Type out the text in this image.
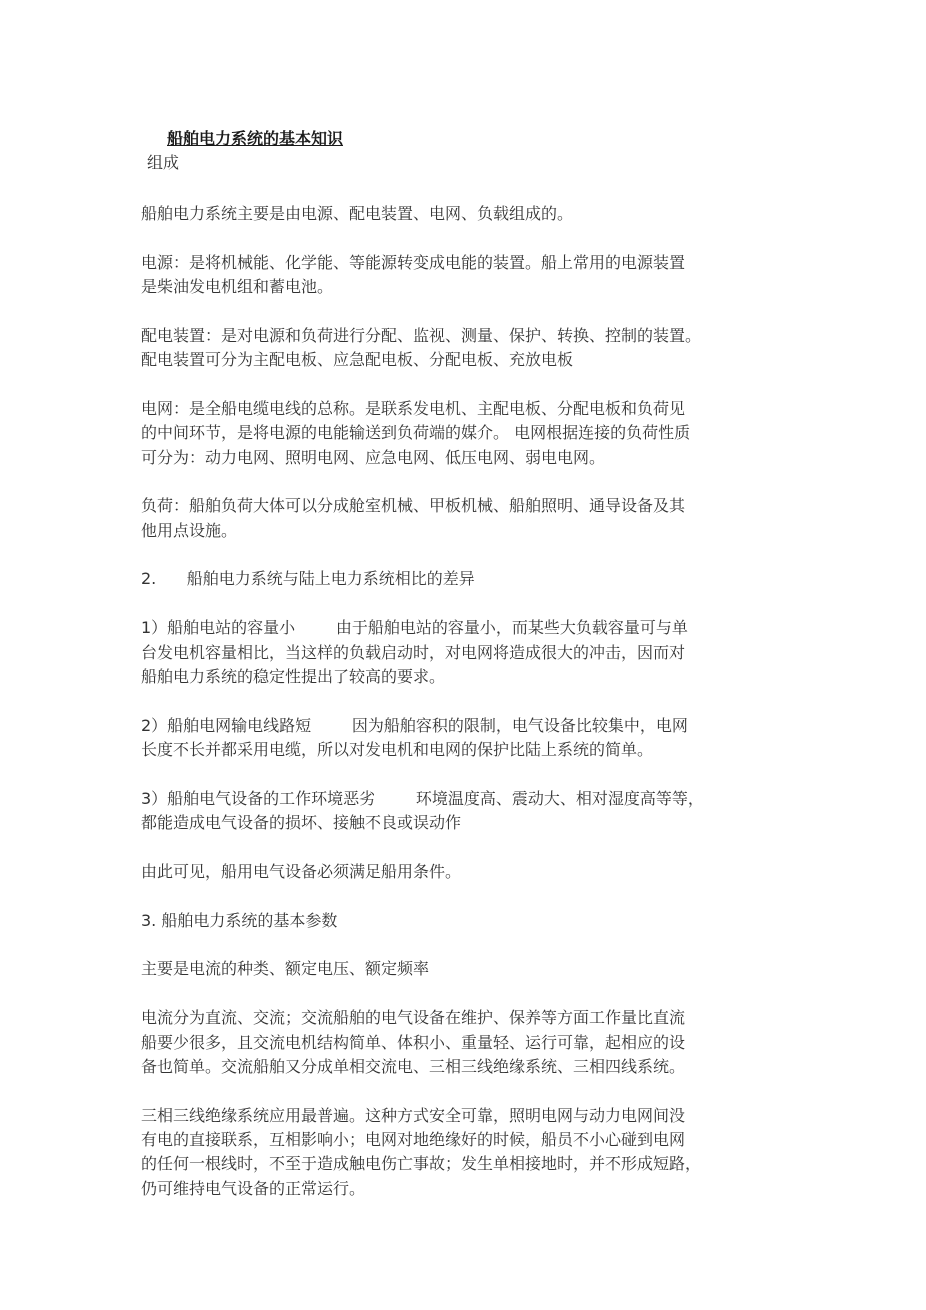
船舶电力系统的基本知识
组成

船舶电力系统主要是由电源、配电装置、电网、负载组成的。

电源：是将机械能、化学能、等能源转变成电能的装置。船上常用的电源装置
是柴油发电机组和蓄电池。

配电装置：是对电源和负荷进行分配、监视、测量、保护、转换、控制的装置。
配电装置可分为主配电板、应急配电板、分配电板、充放电板

电网：是全船电缆电线的总称。是联系发电机、主配电板、分配电板和负荷见
的中间环节，是将电源的电能输送到负荷端的媒介。 电网根据连接的负荷性质
可分为：动力电网、照明电网、应急电网、低压电网、弱电电网。

负荷：船舶负荷大体可以分成舱室机械、甲板机械、船舶照明、通导设备及其
他用点设施。

2.      船舶电力系统与陆上电力系统相比的差异

1）船舶电站的容量小        由于船舶电站的容量小，而某些大负载容量可与单
台发电机容量相比，当这样的负载启动时，对电网将造成很大的冲击，因而对
船舶电力系统的稳定性提出了较高的要求。

2）船舶电网输电线路短        因为船舶容积的限制，电气设备比较集中，电网
长度不长并都采用电缆，所以对发电机和电网的保护比陆上系统的简单。

3）船舶电气设备的工作环境恶劣        环境温度高、震动大、相对湿度高等等，
都能造成电气设备的损坏、接触不良或误动作

由此可见，船用电气设备必须满足船用条件。

3. 船舶电力系统的基本参数

主要是电流的种类、额定电压、额定频率

电流分为直流、交流；交流船舶的电气设备在维护、保养等方面工作量比直流
船要少很多，且交流电机结构简单、体积小、重量轻、运行可靠，起相应的设
备也简单。交流船舶又分成单相交流电、三相三线绝缘系统、三相四线系统。

三相三线绝缘系统应用最普遍。这种方式安全可靠，照明电网与动力电网间没
有电的直接联系，互相影响小；电网对地绝缘好的时候，船员不小心碰到电网
的任何一根线时，不至于造成触电伤亡事故；发生单相接地时，并不形成短路，
仍可维持电气设备的正常运行。
